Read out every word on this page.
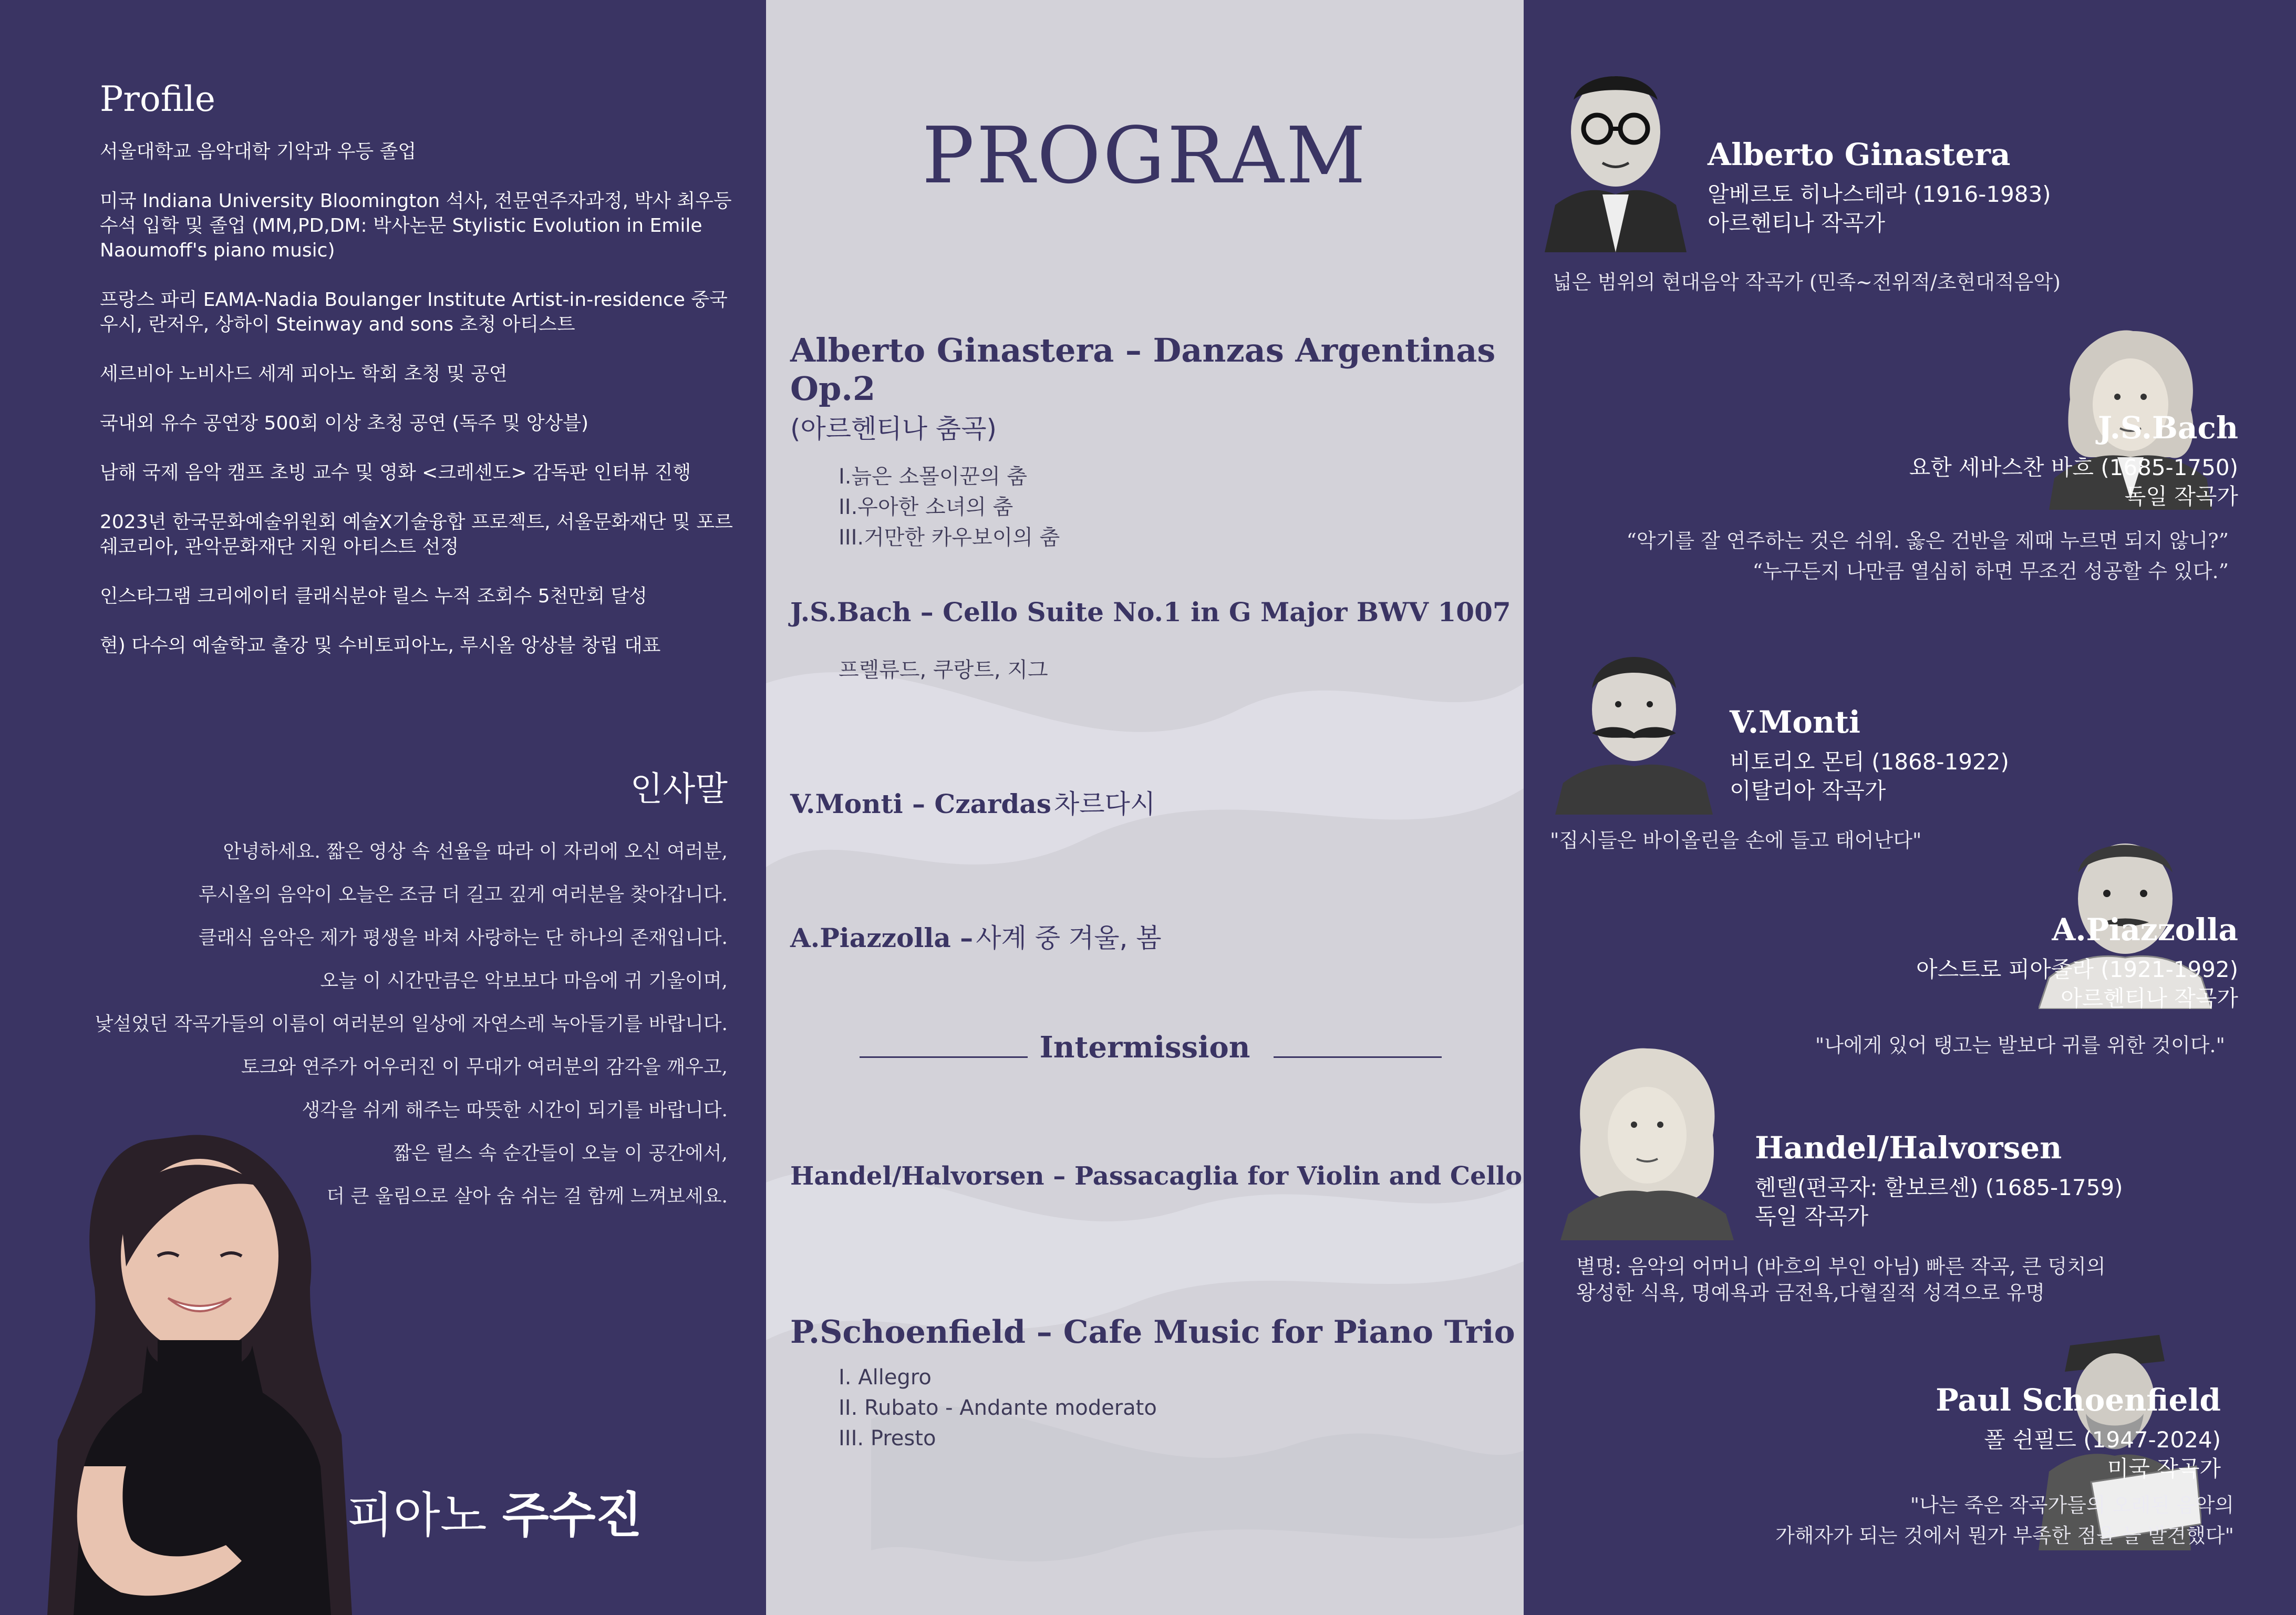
Profile
서울대학교 음악대학 기악과 우등 졸업
미국 Indiana University Bloomington 석사, 전문연주자과정, 박사 최우등 수석 입학 및 졸업 (MM,PD,DM: 박사논문 Stylistic Evolution in Emile Naoumoff's piano music)
프랑스 파리 EAMA-Nadia Boulanger Institute Artist-in-residence 중국 우시, 란저우, 상하이 Steinway and sons 초청 아티스트
세르비아 노비사드 세계 피아노 학회 초청 및 공연
국내외 유수 공연장 500회 이상 초청 공연 (독주 및 앙상블)
남해 국제 음악 캠프 초빙 교수 및 영화 <크레센도> 감독판 인터뷰 진행
2023년 한국문화예술위원회 예술X기술융합 프로젝트, 서울문화재단 및 포르쉐코리아, 관악문화재단 지원 아티스트 선정
인스타그램 크리에이터 클래식분야 릴스 누적 조회수 5천만회 달성
현) 다수의 예술학교 출강 및 수비토피아노, 루시올 앙상블 창립 대표
인사말
안녕하세요. 짧은 영상 속 선율을 따라 이 자리에 오신 여러분,
루시올의 음악이 오늘은 조금 더 길고 깊게 여러분을 찾아갑니다.
클래식 음악은 제가 평생을 바쳐 사랑하는 단 하나의 존재입니다.
오늘 이 시간만큼은 악보보다 마음에 귀 기울이며,
낯설었던 작곡가들의 이름이 여러분의 일상에 자연스레 녹아들기를 바랍니다.
토크와 연주가 어우러진 이 무대가 여러분의 감각을 깨우고,
생각을 쉬게 해주는 따뜻한 시간이 되기를 바랍니다.
짧은 릴스 속 순간들이 오늘 이 공간에서,
더 큰 울림으로 살아 숨 쉬는 걸 함께 느껴보세요.
피아노 주수진
PROGRAM
Alberto Ginastera – Danzas Argentinas Op.2
(아르헨티나 춤곡)
I.늙은 소몰이꾼의 춤
II.우아한 소녀의 춤
III.거만한 카우보이의 춤
J.S.Bach – Cello Suite No.1 in G Major BWV 1007
프렐류드, 쿠랑트, 지그
V.Monti – Czardas 차르다시
A.Piazzolla – 사계 중 겨울, 봄
Intermission
Handel/Halvorsen – Passacaglia for Violin and Cello
P.Schoenfield – Cafe Music for Piano Trio
I. Allegro
II. Rubato - Andante moderato
III. Presto
Alberto Ginastera
알베르토 히나스테라 (1916-1983)
아르헨티나 작곡가
넓은 범위의 현대음악 작곡가 (민족~전위적/초현대적음악)
J.S.Bach
요한 세바스찬 바흐 (1685-1750)
독일 작곡가
“악기를 잘 연주하는 것은 쉬워. 옳은 건반을 제때 누르면 되지 않니?”
“누구든지 나만큼 열심히 하면 무조건 성공할 수 있다.”
V.Monti
비토리오 몬티 (1868-1922)
이탈리아 작곡가
"집시들은 바이올린을 손에 들고 태어난다"
A.Piazzolla
아스트로 피아졸라 (1921-1992)
아르헨티나 작곡가
"나에게 있어 탱고는 발보다 귀를 위한 것이다."
Handel/Halvorsen
헨델(편곡자: 할보르센) (1685-1759)
독일 작곡가
별명: 음악의 어머니 (바흐의 부인 아님) 빠른 작곡, 큰 덩치의
왕성한 식욕, 명예욕과 금전욕,다혈질적 성격으로 유명
Paul Schoenfield
폴 쉰필드 (1947-2024)
미국 작곡가
"나는 죽은 작곡가들의 오래된 음악의
가해자가 되는 것에서 뭔가 부족한 점을 늘 발견했다"
